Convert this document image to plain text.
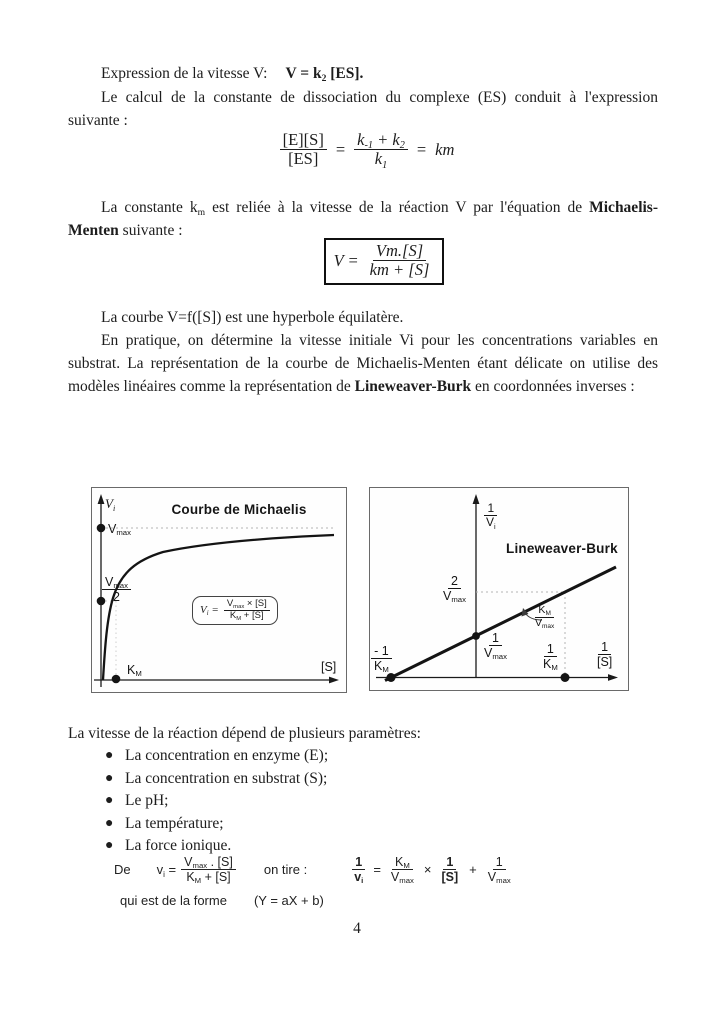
Expression de la vitesse V: $V = k_2$ [ES].
Le calcul de la constante de dissociation du complexe (ES) conduit à l'expression suivante :
$\frac{[E][S]}{[ES]} = \frac{k_{-1} + k_2}{k_1}$ = km
La constante $k_m$ est reliée à la vitesse de la réaction V par l'équation de Michaelis-Menten suivante :
$V = \frac{Vm.[S]}{km + [S]}$
La courbe V=f([S]) est une hyperbole équilatère.
En pratique, on détermine la vitesse initiale Vi pour les concentrations variables en substrat. La représentation de la courbe de Michaelis-Menten étant délicate on utilise des modèles linéaires comme la représentation de Lineweaver-Burk en coordonnées inverses :
De $v_i = V_{max}$ . [S]
$K_M + [S]$	on tire :	$\frac{1}{v_i} = K_M$
$V_{max}$
× $\frac{1}{[S]} + 1$
$V_{max}$
qui est de la forme (Y = aX + b)
$V_i$	Courbe de Michaelis
$V_{max}$
$V_{max}$
2
$K_M$	[S]
$V_i$ =
$V_{max} \times [S]$
$K_M + [S]$
1
$V_i$
Lineweaver-Burk
2
$V_{max}$
$K_M$
$V_{max}$
1
$V_{max}$
- 1
$K_M$
1
$K_M$
1
[S]
La vitesse de la réaction dépend de plusieurs paramètres:
● La concentration en enzyme (E);
● La concentration en substrat (S);
● Le pH;
● La température;
● La force ionique.
4
